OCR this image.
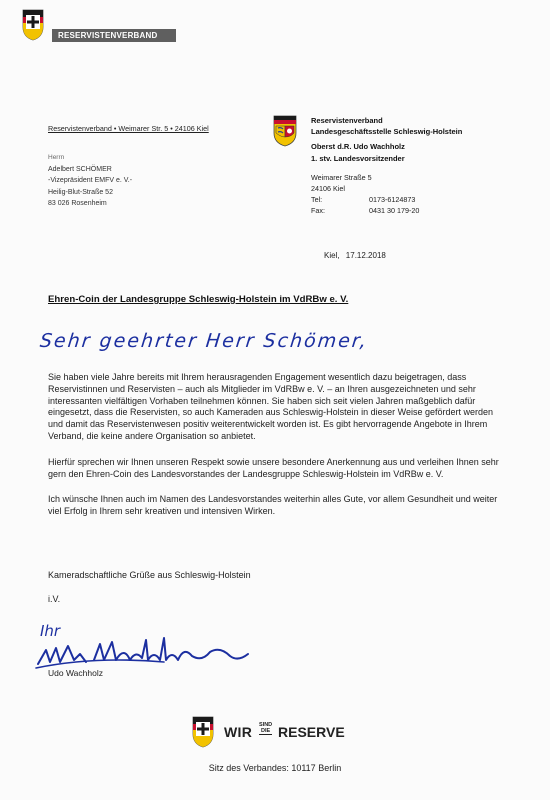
RESERVISTENVERBAND
Reservistenverband • Weimarer Str. 5 • 24106 Kiel
Herrn
Adelbert SCHÖMER
-Vizepräsident EMFV e. V.-
Heilig-Blut-Straße 52
83 026 Rosenheim
Reservistenverband
Landesgeschäftsstelle Schleswig-Holstein
Oberst d.R. Udo Wachholz
1. stv. Landesvorsitzender
Weimarer Straße 5
24106 Kiel
Tel:	0173-6124873
Fax:	0431 30 179-20
Kiel, 17.12.2018
Ehren-Coin der Landesgruppe Schleswig-Holstein im VdRBw e. V.
Sehr geehrter Herr Schömer,

Sie haben viele Jahre bereits mit Ihrem herausragenden Engagement wesentlich dazu beigetragen, dass Reservistinnen und Reservisten – auch als Mitglieder im VdRBw e. V. – an Ihren ausgezeichneten und sehr interessanten vielfältigen Vorhaben teilnehmen können. Sie haben sich seit vielen Jahren maßgeblich dafür eingesetzt, dass die Reservisten, so auch Kameraden aus Schleswig-Holstein in dieser Weise gefördert werden und damit das Reservistenwesen positiv weiterentwickelt worden ist. Es gibt hervorragende Angebote in Ihrem Verband, die keine andere Organisation so anbietet.

Hierfür sprechen wir Ihnen unseren Respekt sowie unsere besondere Anerkennung aus und verleihen Ihnen sehr gern den Ehren-Coin des Landesvorstandes der Landesgruppe Schleswig-Holstein im VdRBw e. V.

Ich wünsche Ihnen auch im Namen des Landesvorstandes weiterhin alles Gute, vor allem Gesundheit und weiter viel Erfolg in Ihrem sehr kreativen und intensiven Wirken.

Kameradschaftliche Grüße aus Schleswig-Holstein
i.V.
Ihr
Udo Wachholz
WIR SIND
DIE RESERVE
Sitz des Verbandes: 10117 Berlin
